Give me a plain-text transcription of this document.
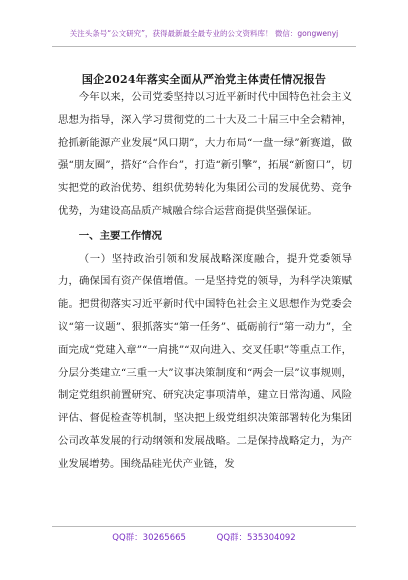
关注头条号“公文研究”，获得最新最全最专业的公文资料库！ 微信：gongwenyj
国企2024年落实全面从严治党主体责任情况报告

今年以来，公司党委坚持以习近平新时代中国特色社会主义思想为指导，深入学习贯彻党的二十大及二十届三中全会精神，抢抓新能源产业发展“风口期”，大力布局“一盘一绿”新赛道，做强“朋友圈”，搭好“合作台”，打造“新引擎”，拓展“新窗口”，切实把党的政治优势、组织优势转化为集团公司的发展优势、竞争优势，为建设高品质产城融合综合运营商提供坚强保证。

一、主要工作情况

（一）坚持政治引领和发展战略深度融合，提升党委领导力，确保国有资产保值增值。一是坚持党的领导，为科学决策赋能。把贯彻落实习近平新时代中国特色社会主义思想作为党委会议“第一议题”、狠抓落实“第一任务”、砥砺前行“第一动力”，全面完成“党建入章”“一肩挑”“双向进入、交叉任职”等重点工作，分层分类建立“三重一大”议事决策制度和“两会一层”议事规则，制定党组织前置研究、研究决定事项清单，建立日常沟通、风险评估、督促检查等机制，坚决把上级党组织决策部署转化为集团公司改革发展的行动纲领和发展战略。二是保持战略定力，为产业发展增势。围绕晶硅光伏产业链，发

QQ群：30265665	QQ群：535304092
